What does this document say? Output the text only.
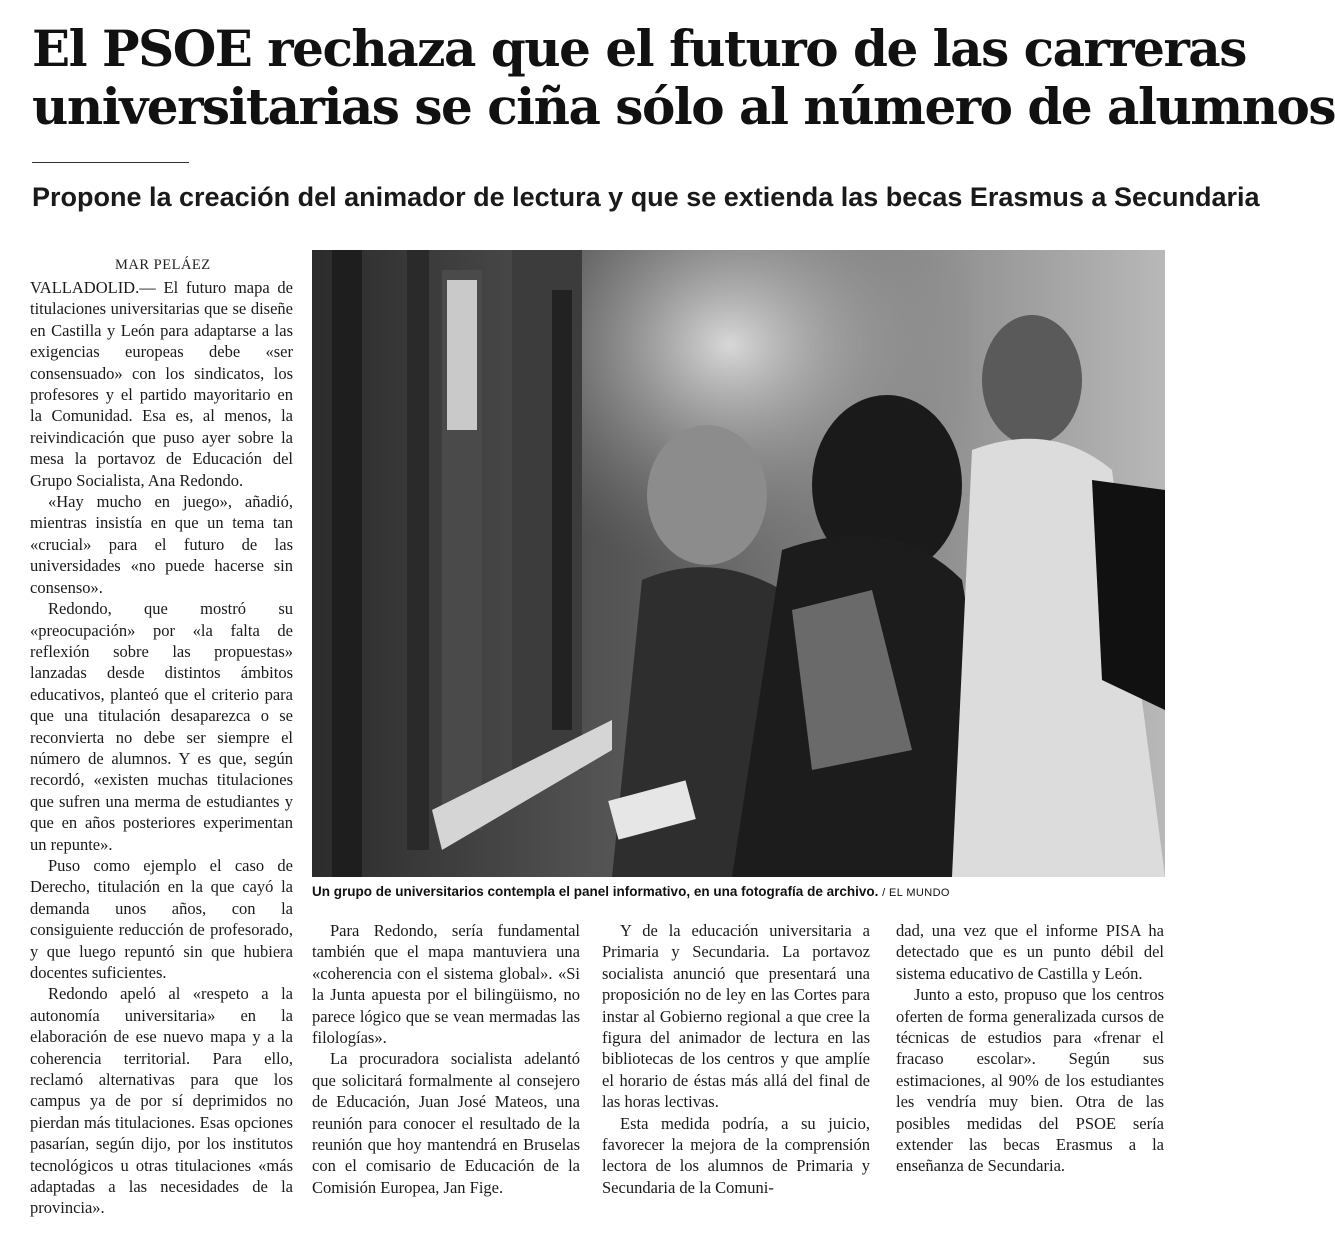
El PSOE rechaza que el futuro de las carreras
universitarias se ciña sólo al número de alumnos
Propone la creación del animador de lectura y que se extienda las becas Erasmus a Secundaria
MAR PELÁEZ

VALLADOLID.— El futuro mapa de titulaciones universitarias que se diseñe en Castilla y León para adaptarse a las exigencias europeas debe «ser consensuado» con los sindicatos, los profesores y el partido mayoritario en la Comunidad. Esa es, al menos, la reivindicación que puso ayer sobre la mesa la portavoz de Educación del Grupo Socialista, Ana Redondo.

«Hay mucho en juego», añadió, mientras insistía en que un tema tan «crucial» para el futuro de las universidades «no puede hacerse sin consenso».

Redondo, que mostró su «preocupación» por «la falta de reflexión sobre las propuestas» lanzadas desde distintos ámbitos educativos, planteó que el criterio para que una titulación desaparezca o se reconvierta no debe ser siempre el número de alumnos. Y es que, según recordó, «existen muchas titulaciones que sufren una merma de estudiantes y que en años posteriores experimentan un repunte».

Puso como ejemplo el caso de Derecho, titulación en la que cayó la demanda unos años, con la consiguiente reducción de profesorado, y que luego repuntó sin que hubiera docentes suficientes.

Redondo apeló al «respeto a la autonomía universitaria» en la elaboración de ese nuevo mapa y a la coherencia territorial. Para ello, reclamó alternativas para que los campus ya de por sí deprimidos no pierdan más titulaciones. Esas opciones pasarían, según dijo, por los institutos tecnológicos u otras titulaciones «más adaptadas a las necesidades de la provincia».

Un grupo de universitarios contempla el panel informativo, en una fotografía de archivo. / EL MUNDO

Para Redondo, sería fundamental también que el mapa mantuviera una «coherencia con el sistema global». «Si la Junta apuesta por el bilingüismo, no parece lógico que se vean mermadas las filologías».

La procuradora socialista adelantó que solicitará formalmente al consejero de Educación, Juan José Mateos, una reunión para conocer el resultado de la reunión que hoy mantendrá en Bruselas con el comisario de Educación de la Comisión Europea, Jan Fige.

Y de la educación universitaria a Primaria y Secundaria. La portavoz socialista anunció que presentará una proposición no de ley en las Cortes para instar al Gobierno regional a que cree la figura del animador de lectura en las bibliotecas de los centros y que amplíe el horario de éstas más allá del final de las horas lectivas.

Esta medida podría, a su juicio, favorecer la mejora de la comprensión lectora de los alumnos de Primaria y Secundaria de la Comuni-

dad, una vez que el informe PISA ha detectado que es un punto débil del sistema educativo de Castilla y León.

Junto a esto, propuso que los centros oferten de forma generalizada cursos de técnicas de estudios para «frenar el fracaso escolar». Según sus estimaciones, al 90% de los estudiantes les vendría muy bien. Otra de las posibles medidas del PSOE sería extender las becas Erasmus a la enseñanza de Secundaria.
